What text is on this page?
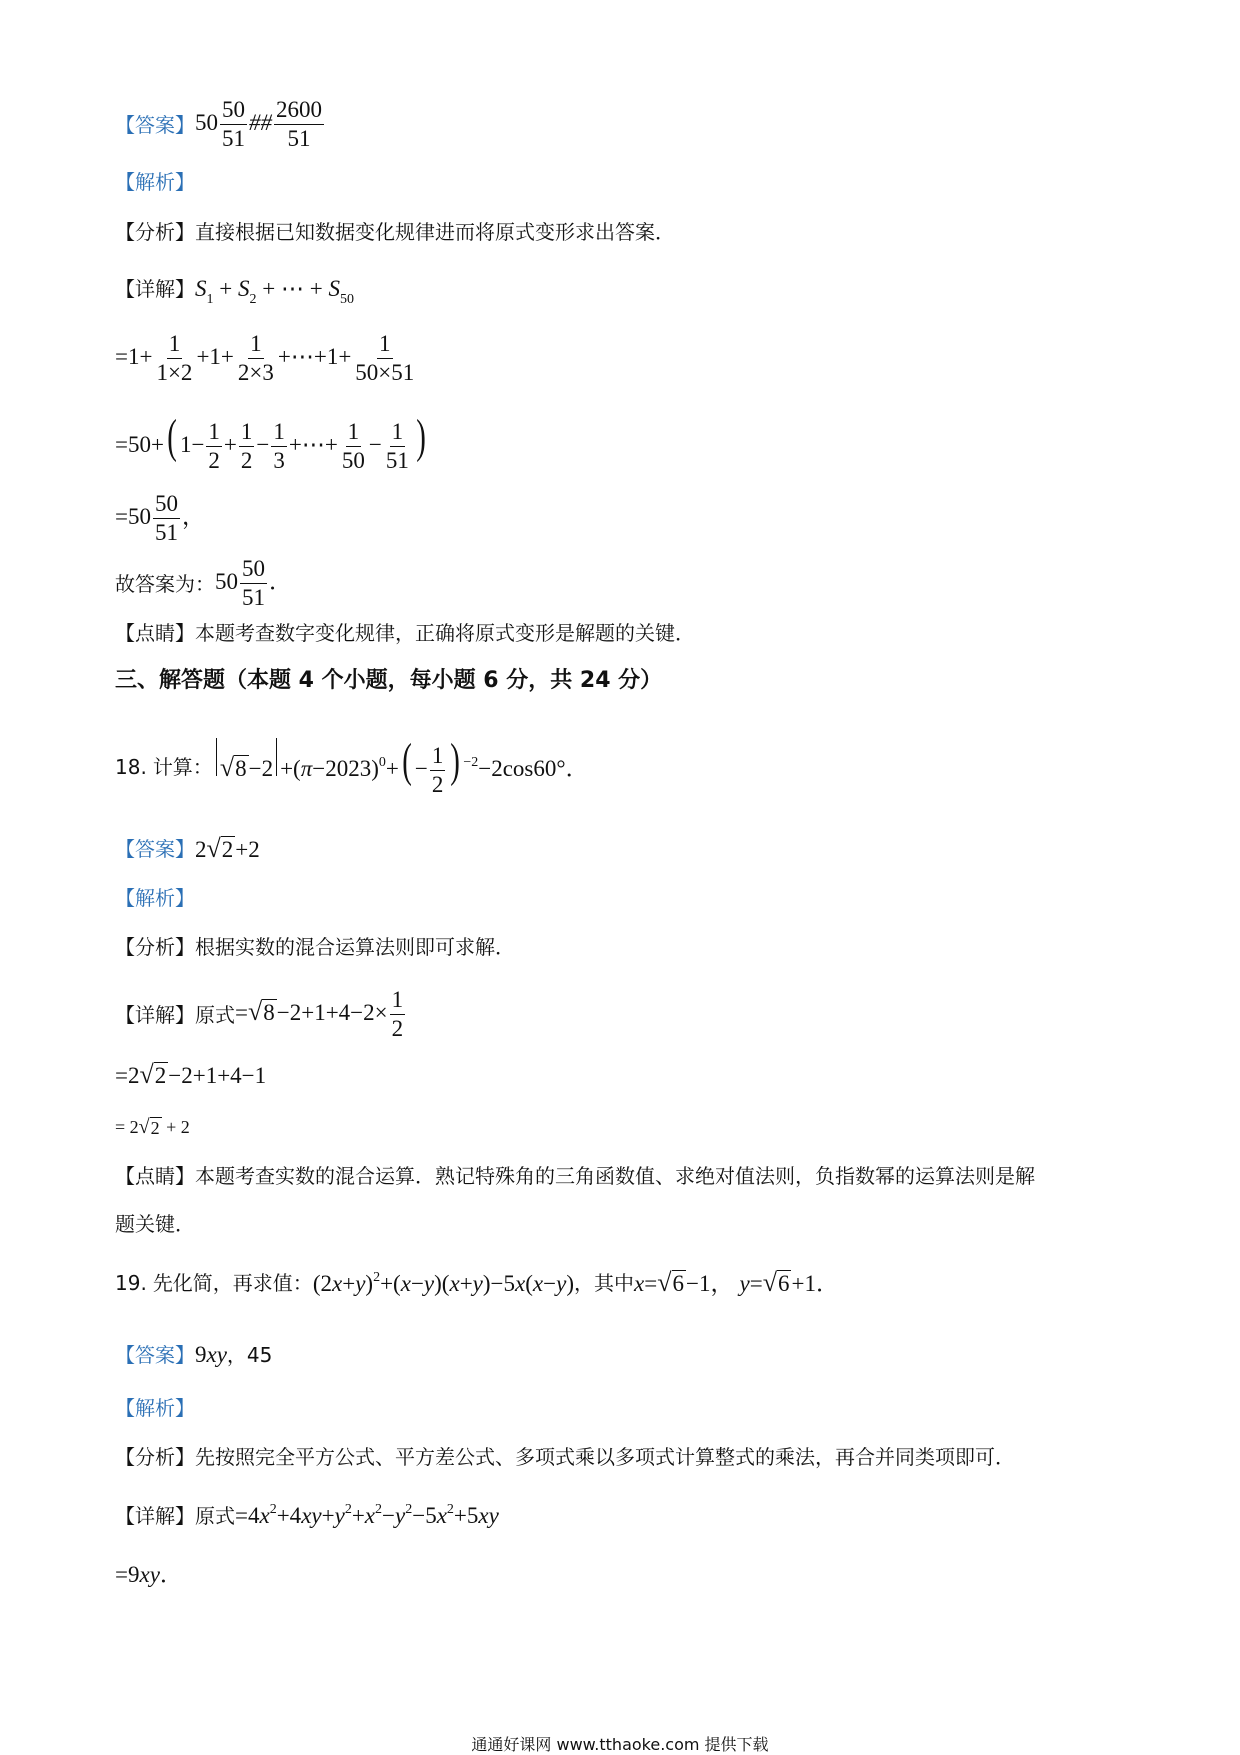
【答案】 $50 \frac{50}{51}$ ## $\frac{2600}{51}$
【解析】
【分析】 直接根据已知数据变化规律进而将原式变形求出答案．
【详解】 $S_1 + S_2$ + ⋯ + $S_{50}$
$=1+ \frac{1}{1\times 2} +1+ \frac{1}{2\times 3}$ +⋯+1+ $\frac{1}{50\times 51}$
=50+( $1- \frac{1}{2} + \frac{1}{2} - \frac{1}{3}$ +⋯+ $\frac{1}{50} - \frac{1}{51}$ )
$=50 \frac{50}{51}$ ，
故答案为： $50 \frac{50}{51}$ ．
【点睛】 本题考查数字变化规律，正确将原式变形是解题的关键．
三、解答题（本题 4 个小题，每小题 6 分，共 24 分）
18. 计算： √ $8 -2 +(\pi-2023)^0+( - \frac{1}{2}$ ) $^{-2}$−2cos60°．
【答案】 2 √ 2 +2
【解析】
【分析】 根据实数的混合运算法则即可求解．
【详解】 原式 = √ $8 -2+1+4-2\times \frac{1}{2}$
=2 √ 2 −2+1+4−1
= 2 √ 2 + 2
【点睛】 本题考查实数的混合运算．熟记特殊角的三角函数值、求绝对值法则，负指数幂的运算法则是解
题关键．
19. 先化简，再求值： $(2x+y)^2+(x-y)(x+y)-5x(x-y)$ ，其中 x= √ 6 −1， y= √ 6 +1．
【答案】 9xy ，45
【解析】
【分析】 先按照完全平方公式、平方差公式、多项式乘以多项式计算整式的乘法，再合并同类项即可．
【详解】 原式 $=4x^2+4xy+y^2+x^2-y^2-5x^2+5xy$
=9xy．
通通好课网 www.tthaoke.com 提供下载
